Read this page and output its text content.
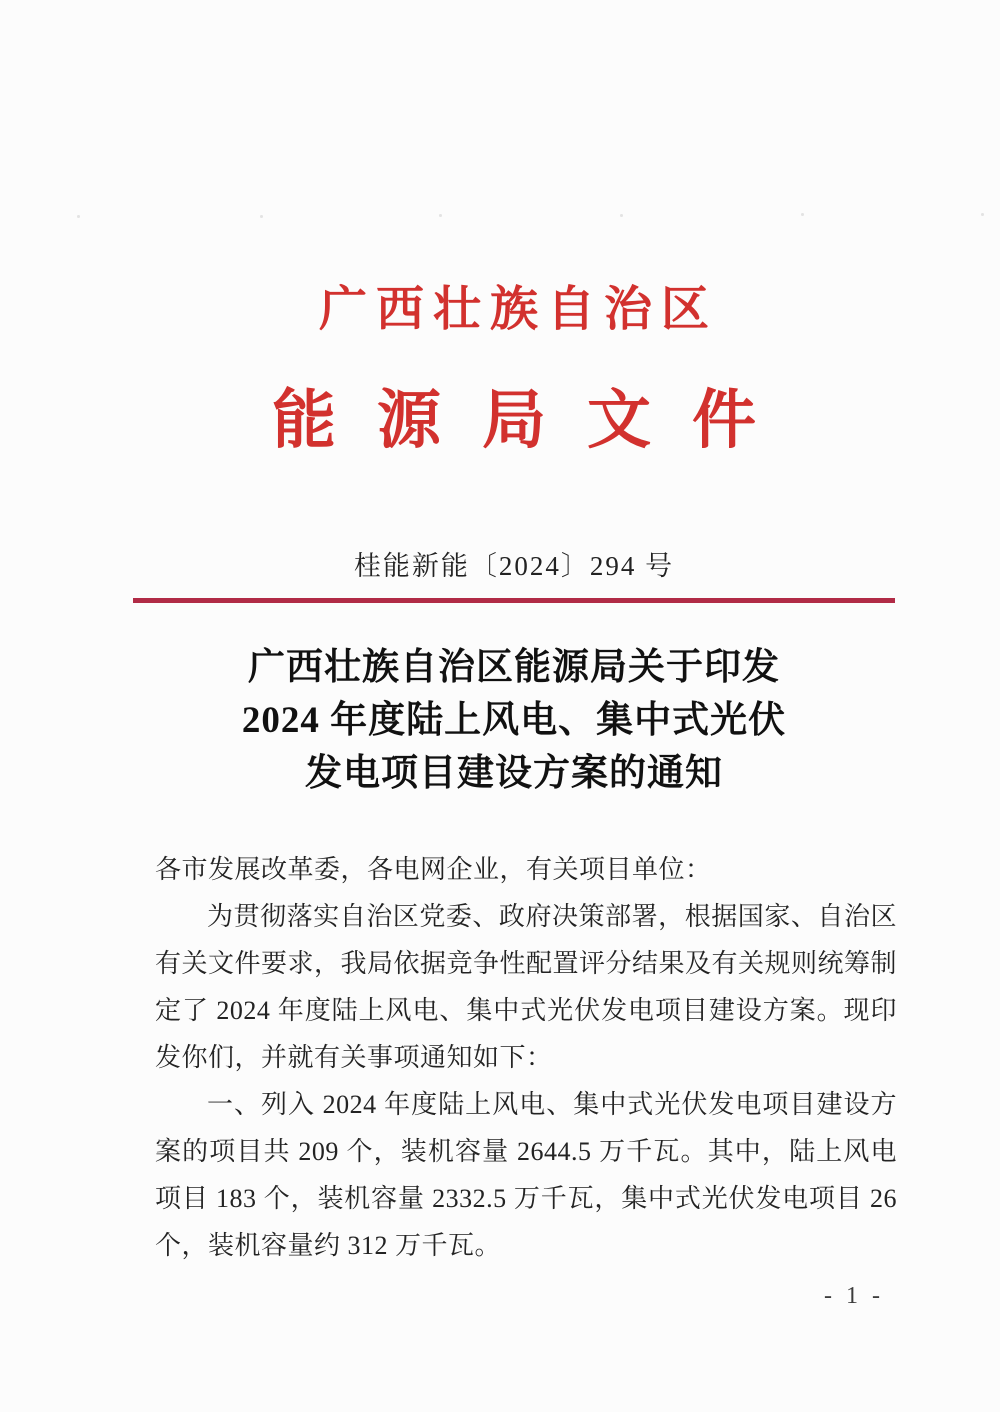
广西壮族自治区
能源局文件
桂能新能〔2024〕294 号
广西壮族自治区能源局关于印发
2024 年度陆上风电、集中式光伏
发电项目建设方案的通知

各市发展改革委，各电网企业，有关项目单位：

为贯彻落实自治区党委、政府决策部署，根据国家、自治区有关文件要求，我局依据竞争性配置评分结果及有关规则统筹制定了 2024 年度陆上风电、集中式光伏发电项目建设方案。现印发你们，并就有关事项通知如下：

一、列入 2024 年度陆上风电、集中式光伏发电项目建设方案的项目共 209 个，装机容量 2644.5 万千瓦。其中，陆上风电项目 183 个，装机容量 2332.5 万千瓦，集中式光伏发电项目 26 个，装机容量约 312 万千瓦。

- 1 -
